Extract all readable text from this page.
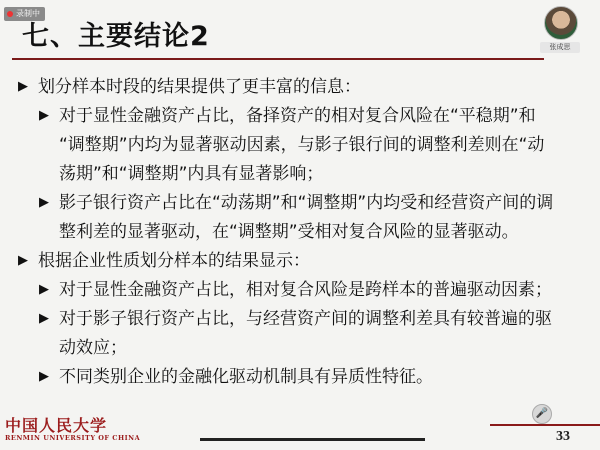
录制中
七、主要结论2	张成思
▶ 划分样本时段的结果提供了更丰富的信息：
▶ 对于显性金融资产占比，备择资产的相对复合风险在“平稳期”和
“调整期”内均为显著驱动因素，与影子银行间的调整利差则在“动
荡期”和“调整期”内具有显著影响；
▶ 影子银行资产占比在“动荡期”和“调整期”内均受和经营资产间的调
整利差的显著驱动，在“调整期”受相对复合风险的显著驱动。
▶ 根据企业性质划分样本的结果显示：
▶ 对于显性金融资产占比，相对复合风险是跨样本的普遍驱动因素；
▶ 对于影子银行资产占比，与经营资产间的调整利差具有较普遍的驱
动效应；
▶ 不同类别企业的金融化驱动机制具有异质性特征。
中国人民大学
RENMIN UNIVERSITY OF CHINA
🎤
33
